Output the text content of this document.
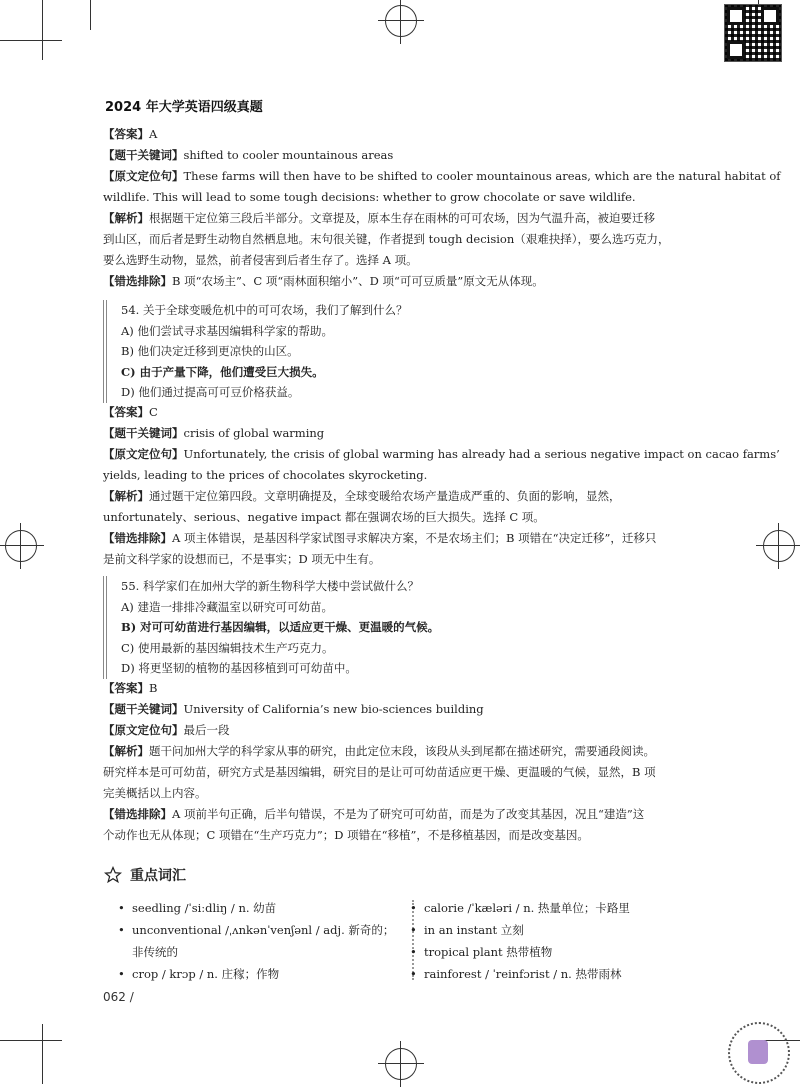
2024 年大学英语四级真题
【答案】A
【题干关键词】shifted to cooler mountainous areas
【原文定位句】These farms will then have to be shifted to cooler mountainous areas, which are the natural habitat of
wildlife. This will lead to some tough decisions: whether to grow chocolate or save wildlife.
【解析】根据题干定位第三段后半部分。文章提及，原本生存在雨林的可可农场，因为气温升高，被迫要迁移
到山区，而后者是野生动物自然栖息地。末句很关键，作者提到 tough decision（艰难抉择），要么选巧克力，
要么选野生动物，显然，前者侵害到后者生存了。选择 A 项。
【错选排除】B 项“农场主”、C 项“雨林面积缩小”、D 项“可可豆质量”原文无从体现。
54. 关于全球变暖危机中的可可农场，我们了解到什么？
A) 他们尝试寻求基因编辑科学家的帮助。
B) 他们决定迁移到更凉快的山区。
C) 由于产量下降，他们遭受巨大损失。
D) 他们通过提高可可豆价格获益。
【答案】C
【题干关键词】crisis of global warming
【原文定位句】Unfortunately, the crisis of global warming has already had a serious negative impact on cacao farms’
yields, leading to the prices of chocolates skyrocketing.
【解析】通过题干定位第四段。文章明确提及，全球变暖给农场产量造成严重的、负面的影响，显然，
unfortunately、serious、negative impact 都在强调农场的巨大损失。选择 C 项。
【错选排除】A 项主体错误，是基因科学家试图寻求解决方案，不是农场主们；B 项错在“决定迁移”，迁移只
是前文科学家的设想而已，不是事实；D 项无中生有。
55. 科学家们在加州大学的新生物科学大楼中尝试做什么？
A) 建造一排排冷藏温室以研究可可幼苗。
B) 对可可幼苗进行基因编辑，以适应更干燥、更温暖的气候。
C) 使用最新的基因编辑技术生产巧克力。
D) 将更坚韧的植物的基因移植到可可幼苗中。
【答案】B
【题干关键词】University of California’s new bio-sciences building
【原文定位句】最后一段
【解析】题干问加州大学的科学家从事的研究，由此定位末段，该段从头到尾都在描述研究，需要通段阅读。
研究样本是可可幼苗，研究方式是基因编辑，研究目的是让可可幼苗适应更干燥、更温暖的气候，显然，B 项
完美概括以上内容。
【错选排除】A 项前半句正确，后半句错误，不是为了研究可可幼苗，而是为了改变其基因，况且“建造”这
个动作也无从体现；C 项错在“生产巧克力”；D 项错在“移植”，不是移植基因，而是改变基因。
重点词汇
• seedling /ˈsiːdliŋ / n. 幼苗
• unconventional /ˌʌnkənˈvenʃənl / adj. 新奇的；
非传统的
• crop / krɔp / n. 庄稼；作物
• calorie /ˈkæləri / n. 热量单位；卡路里
• in an instant 立刻
• tropical plant 热带植物
• rainforest / ˈreinfɔrist / n. 热带雨林
062 /
